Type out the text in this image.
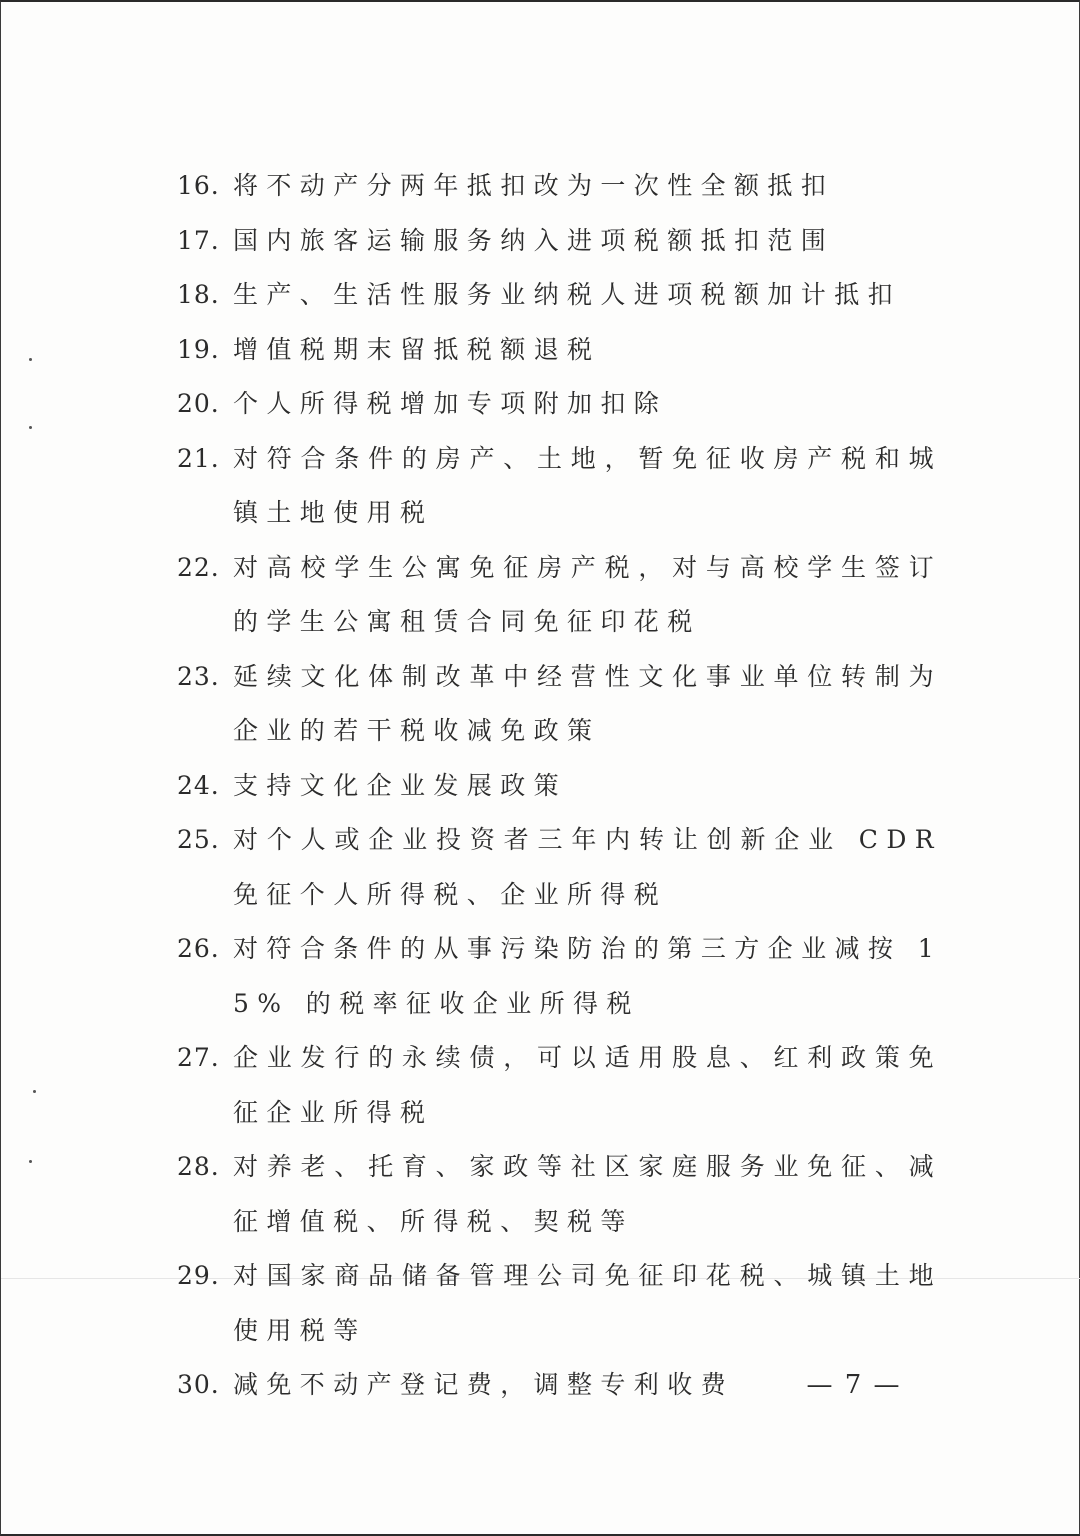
16. 将不动产分两年抵扣改为一次性全额抵扣
17. 国内旅客运输服务纳入进项税额抵扣范围
18. 生产、生活性服务业纳税人进项税额加计抵扣
19. 增值税期末留抵税额退税
20. 个人所得税增加专项附加扣除
21. 对符合条件的房产、土地，暂免征收房产税和城镇土地使用税
22. 对高校学生公寓免征房产税，对与高校学生签订的学生公寓租赁合同免征印花税
23. 延续文化体制改革中经营性文化事业单位转制为企业的若干税收减免政策
24. 支持文化企业发展政策
25. 对个人或企业投资者三年内转让创新企业 CDR 免征个人所得税、企业所得税
26. 对符合条件的从事污染防治的第三方企业减按 15% 的税率征收企业所得税
27. 企业发行的永续债，可以适用股息、红利政策免征企业所得税
28. 对养老、托育、家政等社区家庭服务业免征、减征增值税、所得税、契税等
29. 对国家商品储备管理公司免征印花税、城镇土地使用税等
30. 减免不动产登记费，调整专利收费	— 7 —
